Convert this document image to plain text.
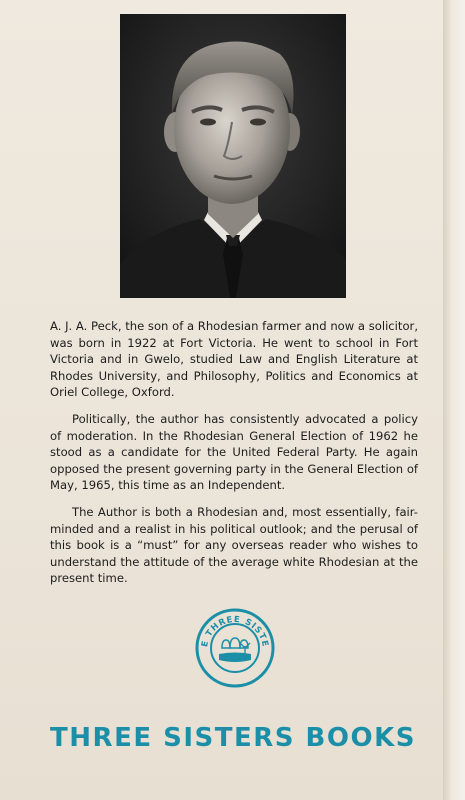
A. J. A. Peck, the son of a Rhodesian farmer and now a solicitor, was born in 1922 at Fort Victoria. He went to school in Fort Victoria and in Gwelo, studied Law and English Literature at Rhodes University, and Philosophy, Politics and Economics at Oriel College, Oxford.

Politically, the author has consistently advocated a policy of moderation. In the Rhodesian General Election of 1962 he stood as a candidate for the United Federal Party. He again opposed the present governing party in the General Election of May, 1965, this time as an Independent.

The Author is both a Rhodesian and, most essentially, fair-minded and a realist in his political outlook; and the perusal of this book is a “must” for any overseas reader who wishes to understand the attitude of the average white Rhodesian at the present time.

E THREE SISTE
THREE SISTERS BOOKS
